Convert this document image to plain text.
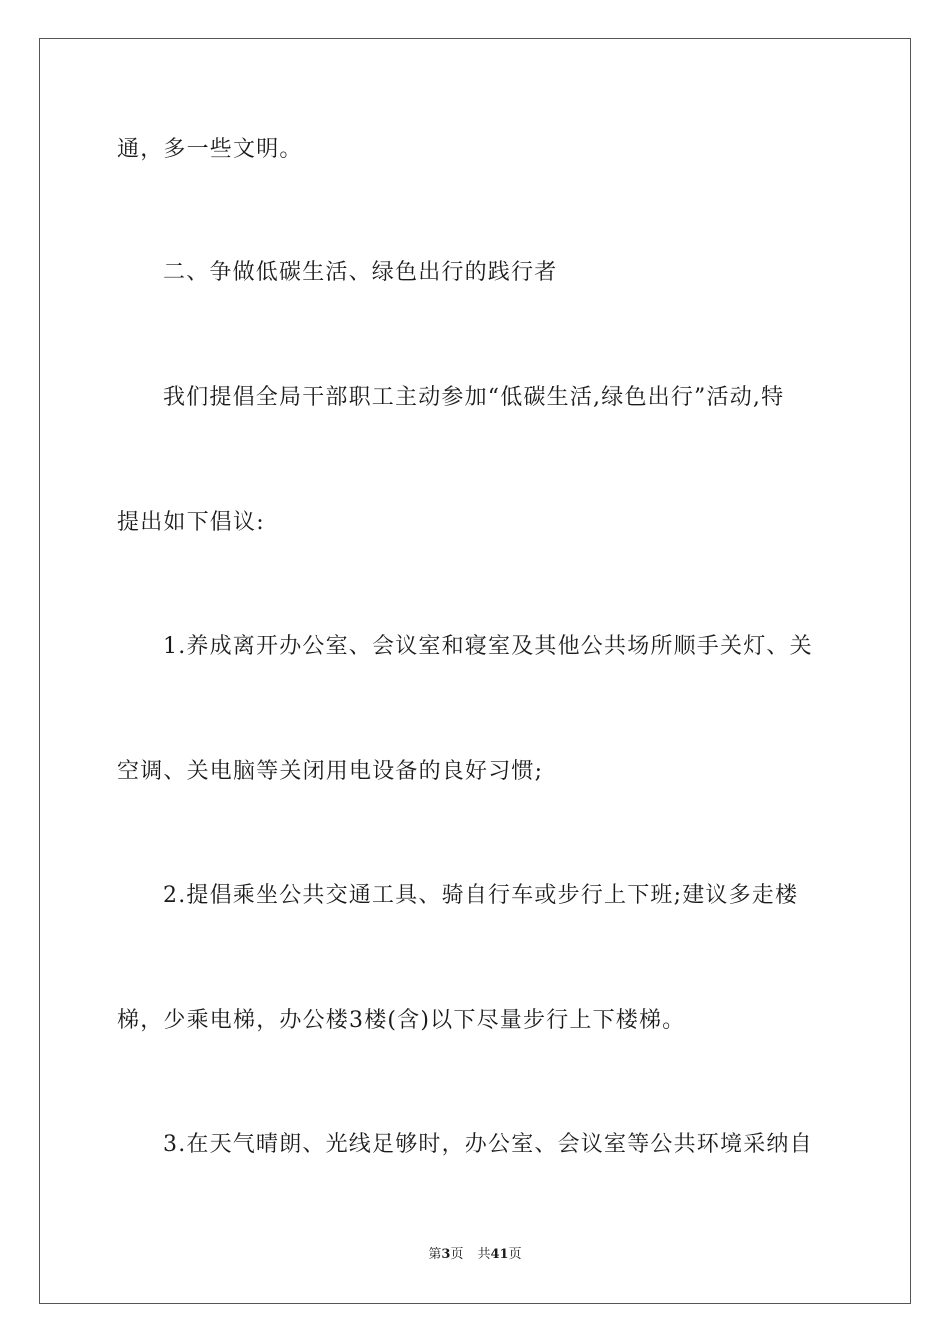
通，多一些文明。
二、争做低碳生活、绿色出行的践行者
我们提倡全局干部职工主动参加“低碳生活,绿色出行”活动,特
提出如下倡议:
1.养成离开办公室、会议室和寝室及其他公共场所顺手关灯、关
空调、关电脑等关闭用电设备的良好习惯;
2.提倡乘坐公共交通工具、骑自行车或步行上下班;建议多走楼
梯，少乘电梯，办公楼3楼(含)以下尽量步行上下楼梯。
3.在天气晴朗、光线足够时，办公室、会议室等公共环境采纳自
第3页 共41页
